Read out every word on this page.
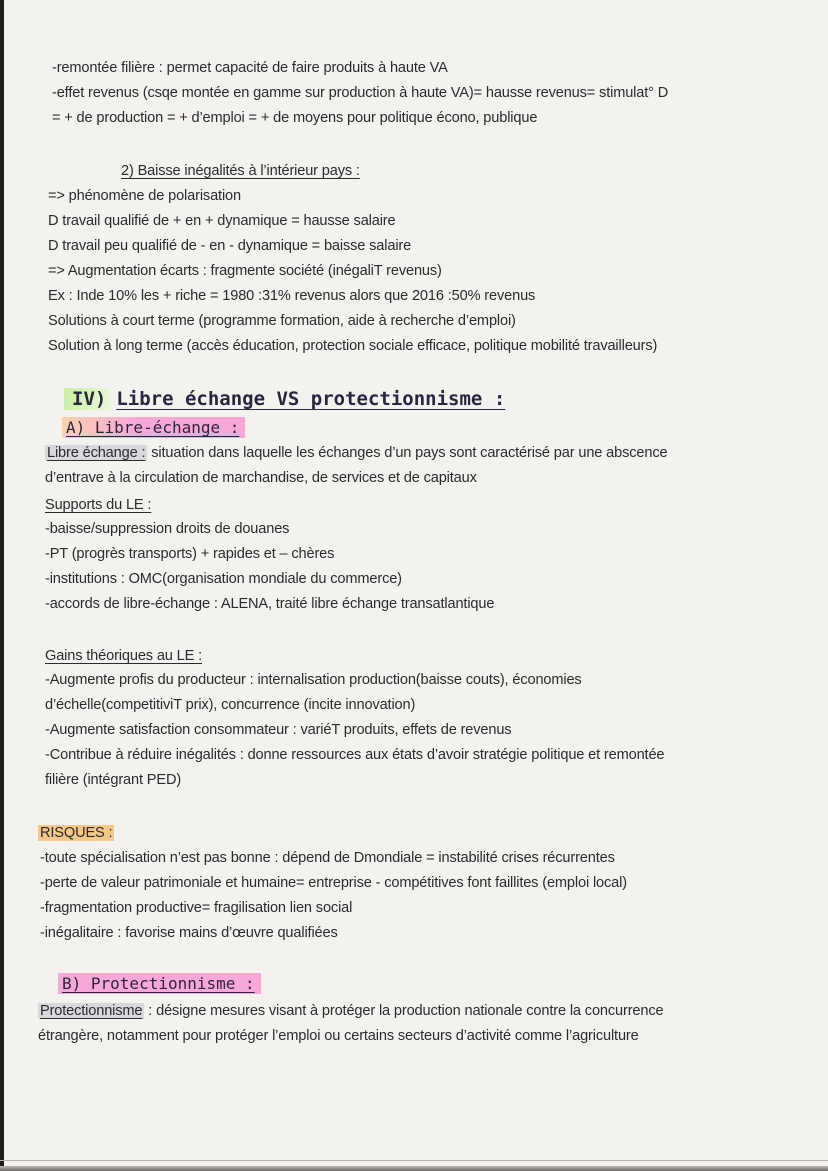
-remontée filière : permet capacité de faire produits à haute VA
-effet revenus (csqe montée en gamme sur production à haute VA)= hausse revenus= stimulat° D
= + de production = + d’emploi = + de moyens pour politique écono, publique
2) Baisse inégalités à l’intérieur pays :
=> phénomène de polarisation
D travail qualifié de + en + dynamique = hausse salaire
D travail peu qualifié de - en - dynamique = baisse salaire
=> Augmentation écarts : fragmente société (inégaliT revenus)
Ex : Inde 10% les + riche = 1980 :31% revenus alors que 2016 :50% revenus
Solutions à court terme (programme formation, aide à recherche d’emploi)
Solution à long terme (accès éducation, protection sociale efficace, politique mobilité travailleurs)
IV) Libre échange VS protectionnisme :
A) Libre-échange :
Libre échange : situation dans laquelle les échanges d’un pays sont caractérisé par une abscence
d’entrave à la circulation de marchandise, de services et de capitaux
Supports du LE :
-baisse/suppression droits de douanes
-PT (progrès transports) + rapides et – chères
-institutions : OMC(organisation mondiale du commerce)
-accords de libre-échange : ALENA, traité libre échange transatlantique
Gains théoriques au LE :
-Augmente profis du producteur : internalisation production(baisse couts), économies
d’échelle(competitiviT prix), concurrence (incite innovation)
-Augmente satisfaction consommateur : variéT produits, effets de revenus
-Contribue à réduire inégalités : donne ressources aux états d’avoir stratégie politique et remontée
filière (intégrant PED)
RISQUES :
-toute spécialisation n’est pas bonne : dépend de Dmondiale = instabilité crises récurrentes
-perte de valeur patrimoniale et humaine= entreprise - compétitives font faillites (emploi local)
-fragmentation productive= fragilisation lien social
-inégalitaire : favorise mains d’œuvre qualifiées
B) Protectionnisme :
Protectionnisme : désigne mesures visant à protéger la production nationale contre la concurrence
étrangère, notamment pour protéger l’emploi ou certains secteurs d’activité comme l’agriculture
